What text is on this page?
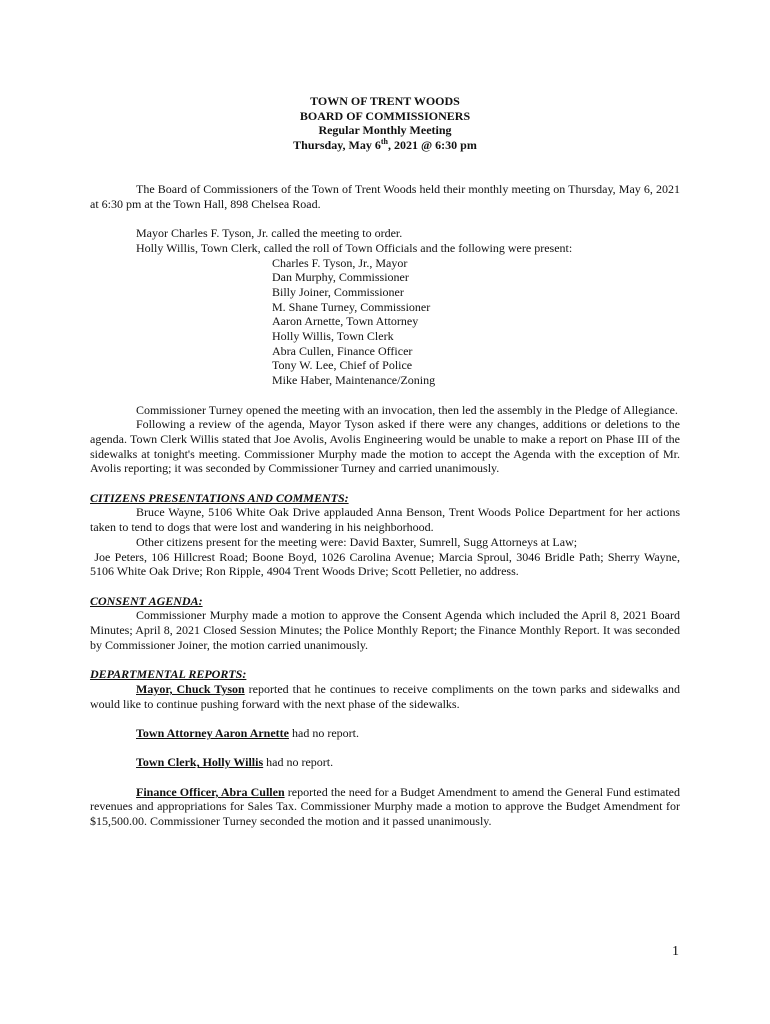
TOWN OF TRENT WOODS
BOARD OF COMMISSIONERS
Regular Monthly Meeting
Thursday, May 6th, 2021 @ 6:30 pm

The Board of Commissioners of the Town of Trent Woods held their monthly meeting on Thursday, May 6, 2021 at 6:30 pm at the Town Hall, 898 Chelsea Road.

Mayor Charles F. Tyson, Jr. called the meeting to order.
Holly Willis, Town Clerk, called the roll of Town Officials and the following were present:
Charles F. Tyson, Jr., Mayor
Dan Murphy, Commissioner
Billy Joiner, Commissioner
M. Shane Turney, Commissioner
Aaron Arnette, Town Attorney
Holly Willis, Town Clerk
Abra Cullen, Finance Officer
Tony W. Lee, Chief of Police
Mike Haber, Maintenance/Zoning

Commissioner Turney opened the meeting with an invocation, then led the assembly in the Pledge of Allegiance.

Following a review of the agenda, Mayor Tyson asked if there were any changes, additions or deletions to the agenda. Town Clerk Willis stated that Joe Avolis, Avolis Engineering would be unable to make a report on Phase III of the sidewalks at tonight's meeting. Commissioner Murphy made the motion to accept the Agenda with the exception of Mr. Avolis reporting; it was seconded by Commissioner Turney and carried unanimously.

CITIZENS PRESENTATIONS AND COMMENTS:

Bruce Wayne, 5106 White Oak Drive applauded Anna Benson, Trent Woods Police Department for her actions taken to tend to dogs that were lost and wandering in his neighborhood.

Other citizens present for the meeting were: David Baxter, Sumrell, Sugg Attorneys at Law;

Joe Peters, 106 Hillcrest Road; Boone Boyd, 1026 Carolina Avenue; Marcia Sproul, 3046 Bridle Path; Sherry Wayne, 5106 White Oak Drive; Ron Ripple, 4904 Trent Woods Drive; Scott Pelletier, no address.

CONSENT AGENDA:

Commissioner Murphy made a motion to approve the Consent Agenda which included the April 8, 2021 Board Minutes; April 8, 2021 Closed Session Minutes; the Police Monthly Report; the Finance Monthly Report. It was seconded by Commissioner Joiner, the motion carried unanimously.

DEPARTMENTAL REPORTS:

Mayor, Chuck Tyson reported that he continues to receive compliments on the town parks and sidewalks and would like to continue pushing forward with the next phase of the sidewalks.

Town Attorney Aaron Arnette had no report.

Town Clerk, Holly Willis had no report.

Finance Officer, Abra Cullen reported the need for a Budget Amendment to amend the General Fund estimated revenues and appropriations for Sales Tax. Commissioner Murphy made a motion to approve the Budget Amendment for $15,500.00. Commissioner Turney seconded the motion and it passed unanimously.

1
